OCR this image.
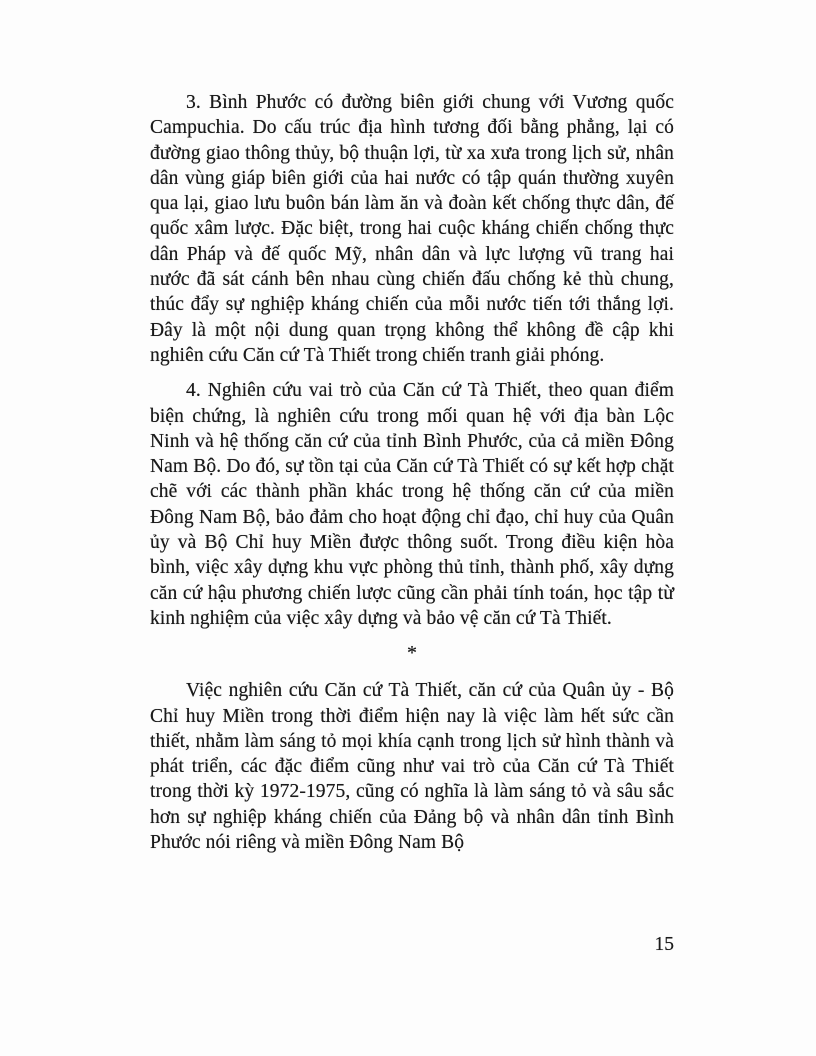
3. Bình Phước có đường biên giới chung với Vương quốc Campuchia. Do cấu trúc địa hình tương đối bằng phẳng, lại có đường giao thông thủy, bộ thuận lợi, từ xa xưa trong lịch sử, nhân dân vùng giáp biên giới của hai nước có tập quán thường xuyên qua lại, giao lưu buôn bán làm ăn và đoàn kết chống thực dân, đế quốc xâm lược. Đặc biệt, trong hai cuộc kháng chiến chống thực dân Pháp và đế quốc Mỹ, nhân dân và lực lượng vũ trang hai nước đã sát cánh bên nhau cùng chiến đấu chống kẻ thù chung, thúc đẩy sự nghiệp kháng chiến của mỗi nước tiến tới thắng lợi. Đây là một nội dung quan trọng không thể không đề cập khi nghiên cứu Căn cứ Tà Thiết trong chiến tranh giải phóng.

4. Nghiên cứu vai trò của Căn cứ Tà Thiết, theo quan điểm biện chứng, là nghiên cứu trong mối quan hệ với địa bàn Lộc Ninh và hệ thống căn cứ của tỉnh Bình Phước, của cả miền Đông Nam Bộ. Do đó, sự tồn tại của Căn cứ Tà Thiết có sự kết hợp chặt chẽ với các thành phần khác trong hệ thống căn cứ của miền Đông Nam Bộ, bảo đảm cho hoạt động chỉ đạo, chỉ huy của Quân ủy và Bộ Chỉ huy Miền được thông suốt. Trong điều kiện hòa bình, việc xây dựng khu vực phòng thủ tỉnh, thành phố, xây dựng căn cứ hậu phương chiến lược cũng cần phải tính toán, học tập từ kinh nghiệm của việc xây dựng và bảo vệ căn cứ Tà Thiết.

*

Việc nghiên cứu Căn cứ Tà Thiết, căn cứ của Quân ủy - Bộ Chỉ huy Miền trong thời điểm hiện nay là việc làm hết sức cần thiết, nhằm làm sáng tỏ mọi khía cạnh trong lịch sử hình thành và phát triển, các đặc điểm cũng như vai trò của Căn cứ Tà Thiết trong thời kỳ 1972-1975, cũng có nghĩa là làm sáng tỏ và sâu sắc hơn sự nghiệp kháng chiến của Đảng bộ và nhân dân tỉnh Bình Phước nói riêng và miền Đông Nam Bộ

15
